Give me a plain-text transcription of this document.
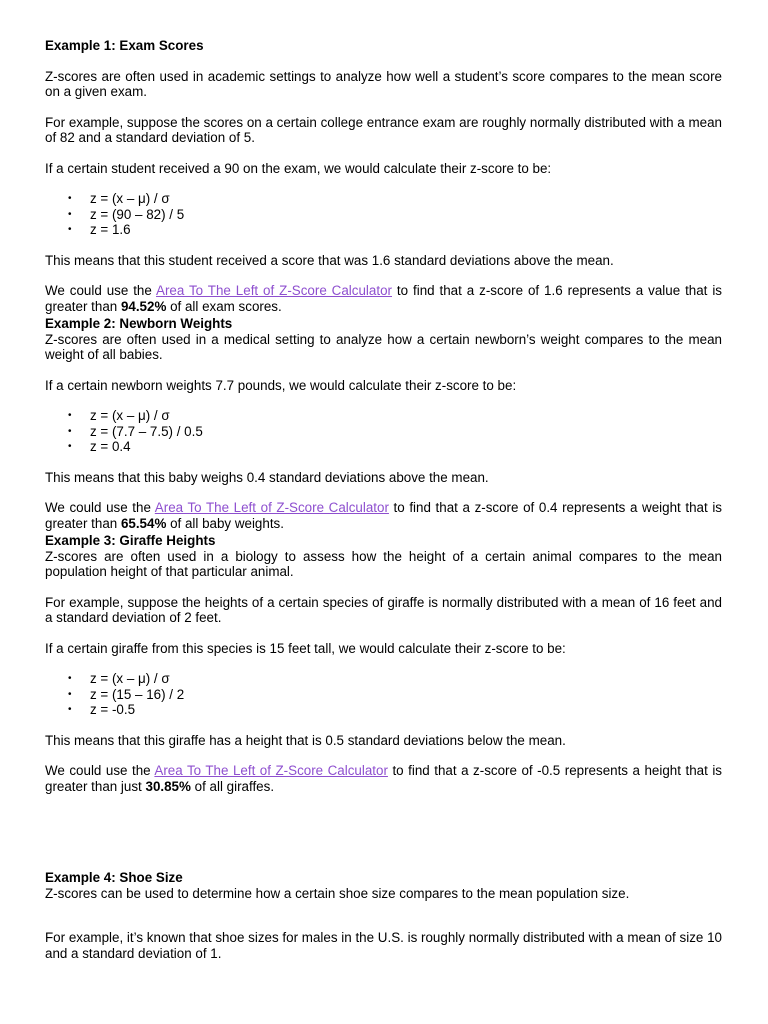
Example 1: Exam Scores

Z-scores are often used in academic settings to analyze how well a student’s score compares to the mean score on a given exam.

For example, suppose the scores on a certain college entrance exam are roughly normally distributed with a mean of 82 and a standard deviation of 5.

If a certain student received a 90 on the exam, we would calculate their z-score to be:

• z = (x – μ) / σ
• z = (90 – 82) / 5
• z = 1.6

This means that this student received a score that was 1.6 standard deviations above the mean.

We could use the Area To The Left of Z-Score Calculator to find that a z-score of 1.6 represents a value that is greater than 94.52% of all exam scores.

Example 2: Newborn Weights

Z-scores are often used in a medical setting to analyze how a certain newborn’s weight compares to the mean weight of all babies.

If a certain newborn weights 7.7 pounds, we would calculate their z-score to be:

• z = (x – μ) / σ
• z = (7.7 – 7.5) / 0.5
• z = 0.4

This means that this baby weighs 0.4 standard deviations above the mean.

We could use the Area To The Left of Z-Score Calculator to find that a z-score of 0.4 represents a weight that is greater than 65.54% of all baby weights.

Example 3: Giraffe Heights

Z-scores are often used in a biology to assess how the height of a certain animal compares to the mean population height of that particular animal.

For example, suppose the heights of a certain species of giraffe is normally distributed with a mean of 16 feet and a standard deviation of 2 feet.

If a certain giraffe from this species is 15 feet tall, we would calculate their z-score to be:

• z = (x – μ) / σ
• z = (15 – 16) / 2
• z = -0.5

This means that this giraffe has a height that is 0.5 standard deviations below the mean.

We could use the Area To The Left of Z-Score Calculator to find that a z-score of -0.5 represents a height that is greater than just 30.85% of all giraffes.

Example 4: Shoe Size

Z-scores can be used to determine how a certain shoe size compares to the mean population size.

For example, it’s known that shoe sizes for males in the U.S. is roughly normally distributed with a mean of size 10 and a standard deviation of 1.
